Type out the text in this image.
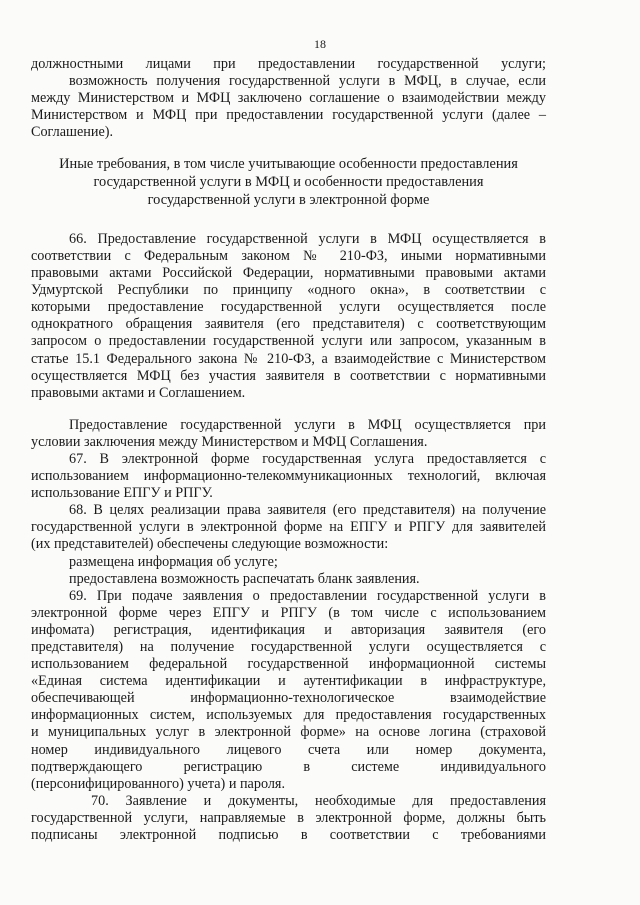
18
должностными лицами при предоставлении государственной услуги;
возможность получения государственной услуги в МФЦ, в случае, если
между Министерством и МФЦ заключено соглашение о взаимодействии между
Министерством и МФЦ при предоставлении государственной услуги (далее –
Соглашение).
Иные требования, в том числе учитывающие особенности предоставления
государственной услуги в МФЦ и особенности предоставления
государственной услуги в электронной форме
66. Предоставление государственной услуги в МФЦ осуществляется в
соответствии с Федеральным законом № 210-ФЗ, иными нормативными
правовыми актами Российской Федерации, нормативными правовыми актами
Удмуртской Республики по принципу «одного окна», в соответствии с
которыми предоставление государственной услуги осуществляется после
однократного обращения заявителя (его представителя) с соответствующим
запросом о предоставлении государственной услуги или запросом, указанным в
статье 15.1 Федерального закона № 210-ФЗ, а взаимодействие с Министерством
осуществляется МФЦ без участия заявителя в соответствии с нормативными
правовыми актами и Соглашением.
Предоставление государственной услуги в МФЦ осуществляется при
условии заключения между Министерством и МФЦ Соглашения.
67. В электронной форме государственная услуга предоставляется с
использованием информационно-телекоммуникационных технологий, включая
использование ЕПГУ и РПГУ.
68. В целях реализации права заявителя (его представителя) на получение
государственной услуги в электронной форме на ЕПГУ и РПГУ для заявителей
(их представителей) обеспечены следующие возможности:
размещена информация об услуге;
предоставлена возможность распечатать бланк заявления.
69. При подаче заявления о предоставлении государственной услуги в
электронной форме через ЕПГУ и РПГУ (в том числе с использованием
инфомата) регистрация, идентификация и авторизация заявителя (его
представителя) на получение государственной услуги осуществляется с
использованием федеральной государственной информационной системы
«Единая система идентификации и аутентификации в инфраструктуре,
обеспечивающей информационно-технологическое взаимодействие
информационных систем, используемых для предоставления государственных
и муниципальных услуг в электронной форме» на основе логина (страховой
номер индивидуального лицевого счета или номер документа,
подтверждающего регистрацию в системе индивидуального
(персонифицированного) учета) и пароля.
70. Заявление и документы, необходимые для предоставления
государственной услуги, направляемые в электронной форме, должны быть
подписаны электронной подписью в соответствии с требованиями
